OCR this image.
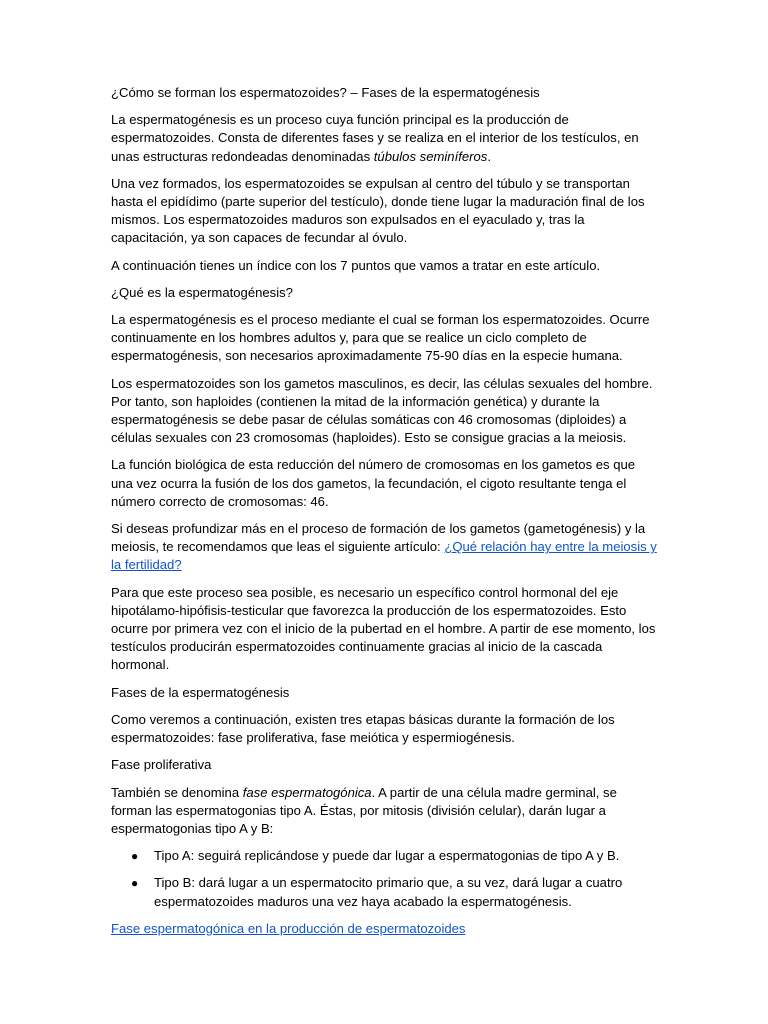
¿Cómo se forman los espermatozoides? – Fases de la espermatogénesis

La espermatogénesis es un proceso cuya función principal es la producción de espermatozoides. Consta de diferentes fases y se realiza en el interior de los testículos, en unas estructuras redondeadas denominadas túbulos seminíferos.

Una vez formados, los espermatozoides se expulsan al centro del túbulo y se transportan hasta el epidídimo (parte superior del testículo), donde tiene lugar la maduración final de los mismos. Los espermatozoides maduros son expulsados en el eyaculado y, tras la capacitación, ya son capaces de fecundar al óvulo.

A continuación tienes un índice con los 7 puntos que vamos a tratar en este artículo.

¿Qué es la espermatogénesis?

La espermatogénesis es el proceso mediante el cual se forman los espermatozoides. Ocurre continuamente en los hombres adultos y, para que se realice un ciclo completo de espermatogénesis, son necesarios aproximadamente 75-90 días en la especie humana.

Los espermatozoides son los gametos masculinos, es decir, las células sexuales del hombre. Por tanto, son haploides (contienen la mitad de la información genética) y durante la espermatogénesis se debe pasar de células somáticas con 46 cromosomas (diploides) a células sexuales con 23 cromosomas (haploides). Esto se consigue gracias a la meiosis.

La función biológica de esta reducción del número de cromosomas en los gametos es que una vez ocurra la fusión de los dos gametos, la fecundación, el cigoto resultante tenga el número correcto de cromosomas: 46.

Si deseas profundizar más en el proceso de formación de los gametos (gametogénesis) y la meiosis, te recomendamos que leas el siguiente artículo: ¿Qué relación hay entre la meiosis y la fertilidad?

Para que este proceso sea posible, es necesario un específico control hormonal del eje hipotálamo-hipófisis-testicular que favorezca la producción de los espermatozoides. Esto ocurre por primera vez con el inicio de la pubertad en el hombre. A partir de ese momento, los testículos producirán espermatozoides continuamente gracias al inicio de la cascada hormonal.

Fases de la espermatogénesis

Como veremos a continuación, existen tres etapas básicas durante la formación de los espermatozoides: fase proliferativa, fase meiótica y espermiogénesis.

Fase proliferativa

También se denomina fase espermatogónica. A partir de una célula madre germinal, se forman las espermatogonias tipo A. Éstas, por mitosis (división celular), darán lugar a espermatogonias tipo A y B:

● Tipo A: seguirá replicándose y puede dar lugar a espermatogonias de tipo A y B.
● Tipo B: dará lugar a un espermatocito primario que, a su vez, dará lugar a cuatro espermatozoides maduros una vez haya acabado la espermatogénesis.

Fase espermatogónica en la producción de espermatozoides
